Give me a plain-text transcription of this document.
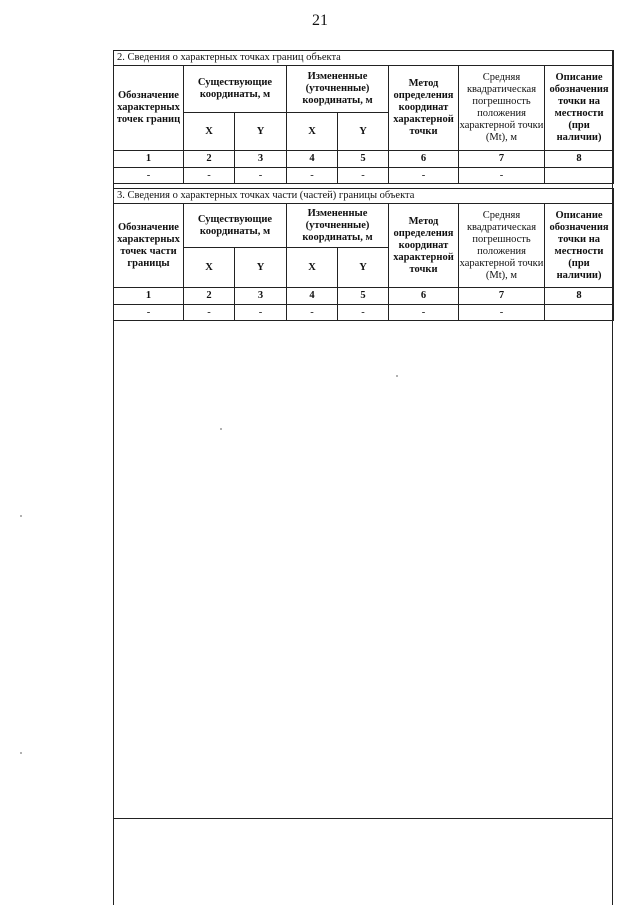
21
2. Сведения о характерных точках границ объекта							
Обозначение характерных точек границ	Существующие координаты, м		Измененные (уточненные) координаты, м		Метод определения координат характерной точки	Средняя квадратическая погрешность положения характерной точки (Mt), м	Описание обозначения точки на местности (при наличии)
	X	Y	X	Y			
1	2	3	4	5	6	7	8
-	-	-	-	-	-	-	
3. Сведения о характерных точках части (частей) границы объекта							
Обозначение характерных точек части границы	Существующие координаты, м		Измененные (уточненные) координаты, м		Метод определения координат характерной точки	Средняя квадратическая погрешность положения характерной точки (Mt), м	Описание обозначения точки на местности (при наличии)
	X	Y	X	Y			
1	2	3	4	5	6	7	8
-	-	-	-	-	-	-	
